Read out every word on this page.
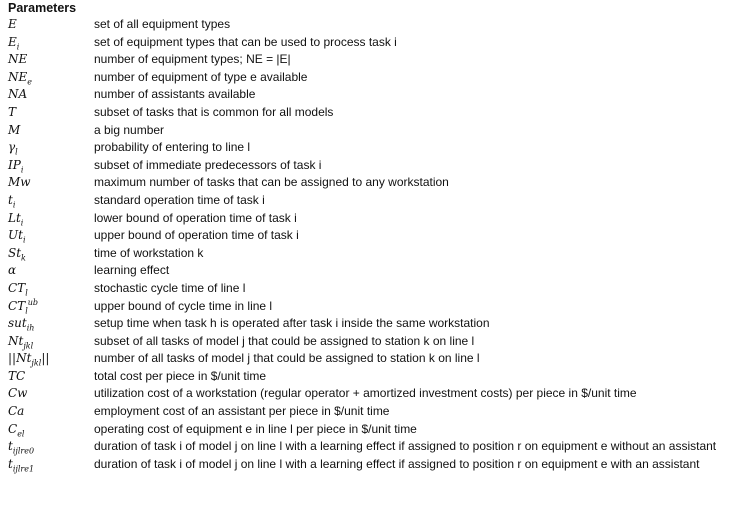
Parameters
E	set of all equipment types
$E_i$	set of equipment types that can be used to process task i
NE	number of equipment types; NE = |E|
$NE_e$	number of equipment of type e available
NA	number of assistants available
T	subset of tasks that is common for all models
M	a big number
$\gamma_l$	probability of entering to line l
$IP_i$	subset of immediate predecessors of task i
Mw	maximum number of tasks that can be assigned to any workstation
$t_i$	standard operation time of task i
$Lt_i$	lower bound of operation time of task i
$Ut_i$	upper bound of operation time of task i
$St_k$	time of workstation k
α	learning effect
$CT_l$	stochastic cycle time of line l
$CT_l^{ub}$	upper bound of cycle time in line l
sut$_{ih}$	setup time when task h is operated after task i inside the same workstation
$Nt_{jkl}$	subset of all tasks of model j that could be assigned to station k on line l
$||Nt_{jkl}||$	number of all tasks of model j that could be assigned to station k on line l
TC	total cost per piece in $/unit time
Cw	utilization cost of a workstation (regular operator + amortized investment costs) per piece in $/unit time
Ca	employment cost of an assistant per piece in $/unit time
$C_{el}$	operating cost of equipment e in line l per piece in $/unit time
$t_{ijlre0}$	duration of task i of model j on line l with a learning effect if assigned to position r on equipment e without an assistant
$t_{ijlre1}$	duration of task i of model j on line l with a learning effect if assigned to position r on equipment e with an assistant
